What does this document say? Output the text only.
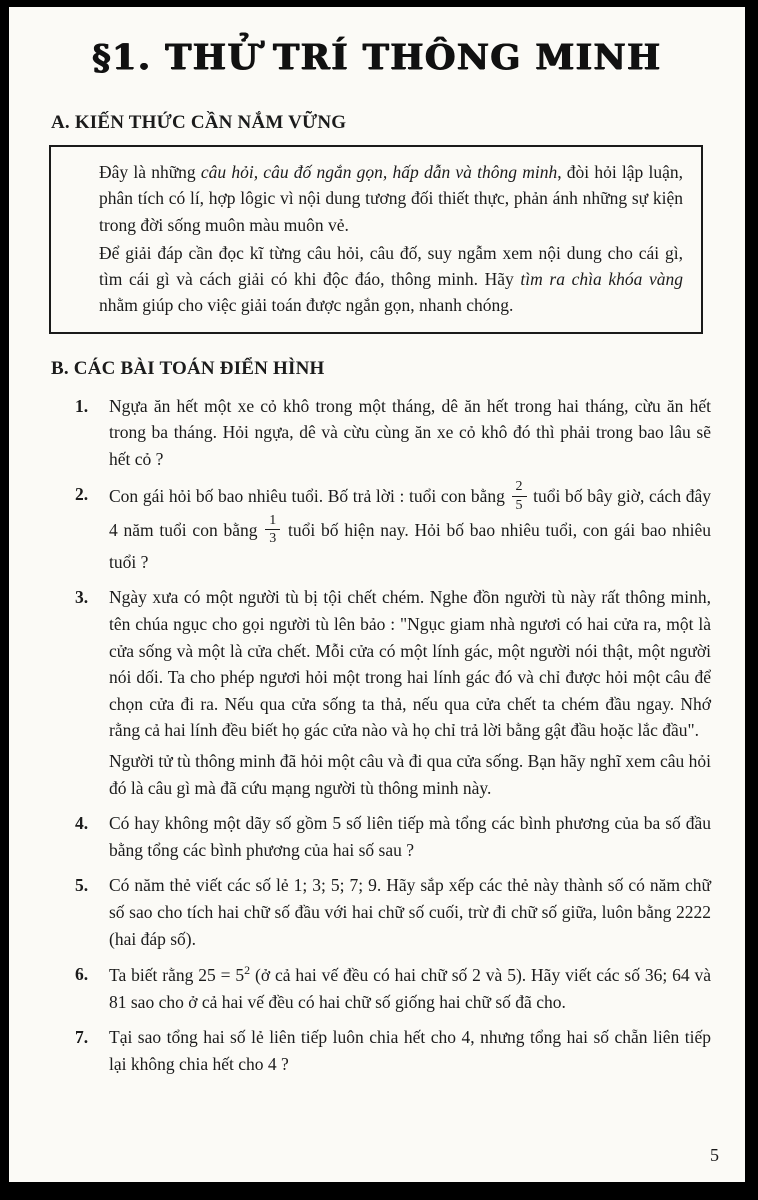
§1. THỬ TRÍ THÔNG MINH
A. KIẾN THỨC CẦN NẮM VỮNG

Đây là những câu hỏi, câu đố ngắn gọn, hấp dẫn và thông minh, đòi hỏi lập luận, phân tích có lí, hợp lôgic vì nội dung tương đối thiết thực, phản ánh những sự kiện trong đời sống muôn màu muôn vẻ.

Để giải đáp cần đọc kĩ từng câu hỏi, câu đố, suy ngẫm xem nội dung cho cái gì, tìm cái gì và cách giải có khi độc đáo, thông minh. Hãy tìm ra chìa khóa vàng nhằm giúp cho việc giải toán được ngắn gọn, nhanh chóng.

B. CÁC BÀI TOÁN ĐIỂN HÌNH
1.	Ngựa ăn hết một xe cỏ khô trong một tháng, dê ăn hết trong hai tháng, cừu ăn hết trong ba tháng. Hỏi ngựa, dê và cừu cùng ăn xe cỏ khô đó thì phải trong bao lâu sẽ hết cỏ ?
2.	Con gái hỏi bố bao nhiêu tuổi. Bố trả lời : tuổi con bằng $\frac{2}{5}$ tuổi bố bây giờ, cách đây 4 năm tuổi con bằng $\frac{1}{3}$ tuổi bố hiện nay. Hỏi bố bao nhiêu tuổi, con gái bao nhiêu tuổi ?
3.	Ngày xưa có một người tù bị tội chết chém. Nghe đồn người tù này rất thông minh, tên chúa ngục cho gọi người tù lên bảo : "Ngục giam nhà ngươi có hai cửa ra, một là cửa sống và một là cửa chết. Mỗi cửa có một lính gác, một người nói thật, một người nói dối. Ta cho phép ngươi hỏi một trong hai lính gác đó và chỉ được hỏi một câu để chọn cửa đi ra. Nếu qua cửa sống ta thả, nếu qua cửa chết ta chém đầu ngay. Nhớ rằng cả hai lính đều biết họ gác cửa nào và họ chỉ trả lời bằng gật đầu hoặc lắc đầu".

Người tử tù thông minh đã hỏi một câu và đi qua cửa sống. Bạn hãy nghĩ xem câu hỏi đó là câu gì mà đã cứu mạng người tù thông minh này.

4.	Có hay không một dãy số gồm 5 số liên tiếp mà tổng các bình phương của ba số đầu bằng tổng các bình phương của hai số sau ?
5.	Có năm thẻ viết các số lẻ 1; 3; 5; 7; 9. Hãy sắp xếp các thẻ này thành số có năm chữ số sao cho tích hai chữ số đầu với hai chữ số cuối, trừ đi chữ số giữa, luôn bằng 2222 (hai đáp số).
6.	Ta biết rằng $25 = 5^2$ (ở cả hai vế đều có hai chữ số 2 và 5). Hãy viết các số 36; 64 và 81 sao cho ở cả hai vế đều có hai chữ số giống hai chữ số đã cho.
7.	Tại sao tổng hai số lẻ liên tiếp luôn chia hết cho 4, nhưng tổng hai số chẵn liên tiếp lại không chia hết cho 4 ?
5
